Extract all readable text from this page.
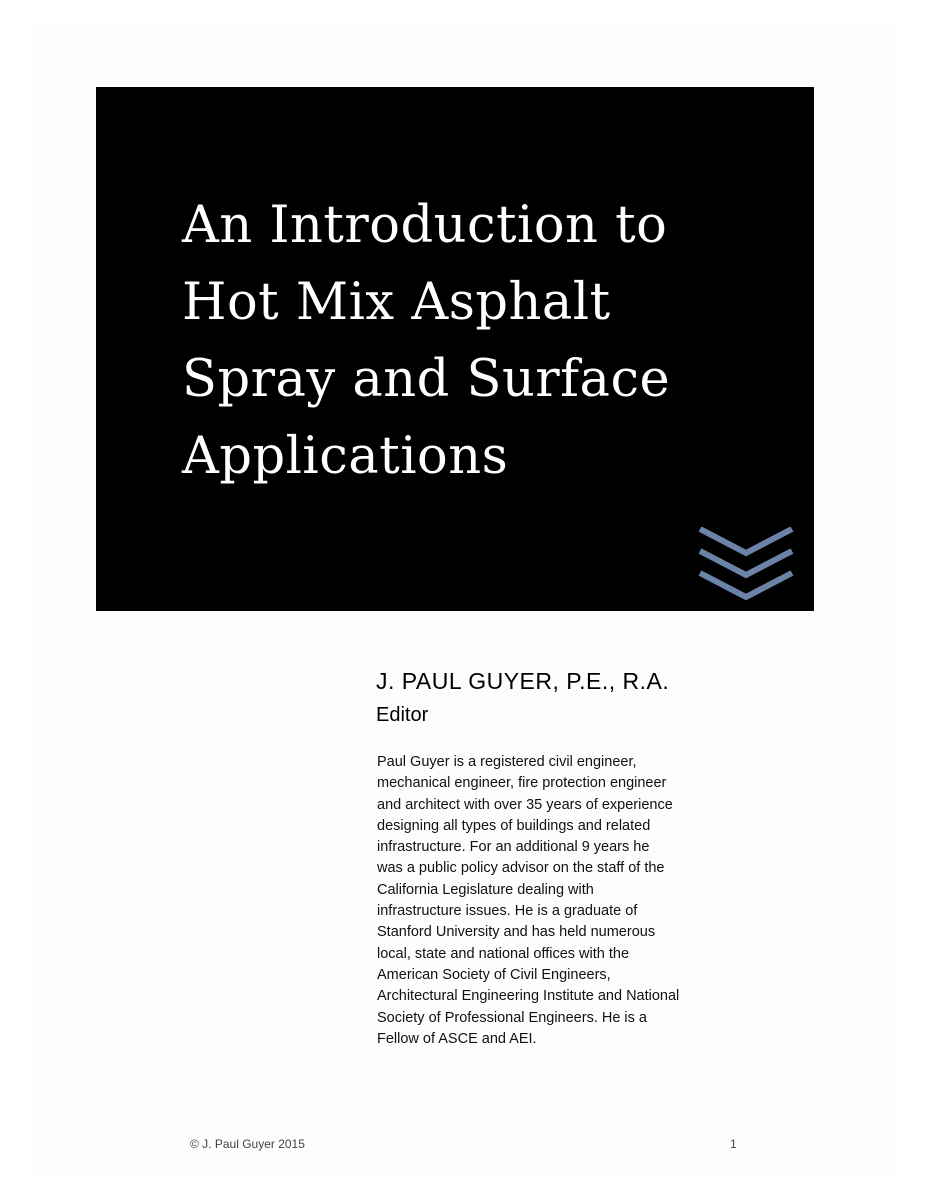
An Introduction to
Hot Mix Asphalt
Spray and Surface
Applications
J. PAUL GUYER, P.E., R.A.
Editor

Paul Guyer is a registered civil engineer,
mechanical engineer, fire protection engineer
and architect with over 35 years of experience
designing all types of buildings and related
infrastructure. For an additional 9 years he
was a public policy advisor on the staff of the
California Legislature dealing with
infrastructure issues. He is a graduate of
Stanford University and has held numerous
local, state and national offices with the
American Society of Civil Engineers,
Architectural Engineering Institute and National
Society of Professional Engineers. He is a
Fellow of ASCE and AEI.

© J. Paul Guyer 2015	1
